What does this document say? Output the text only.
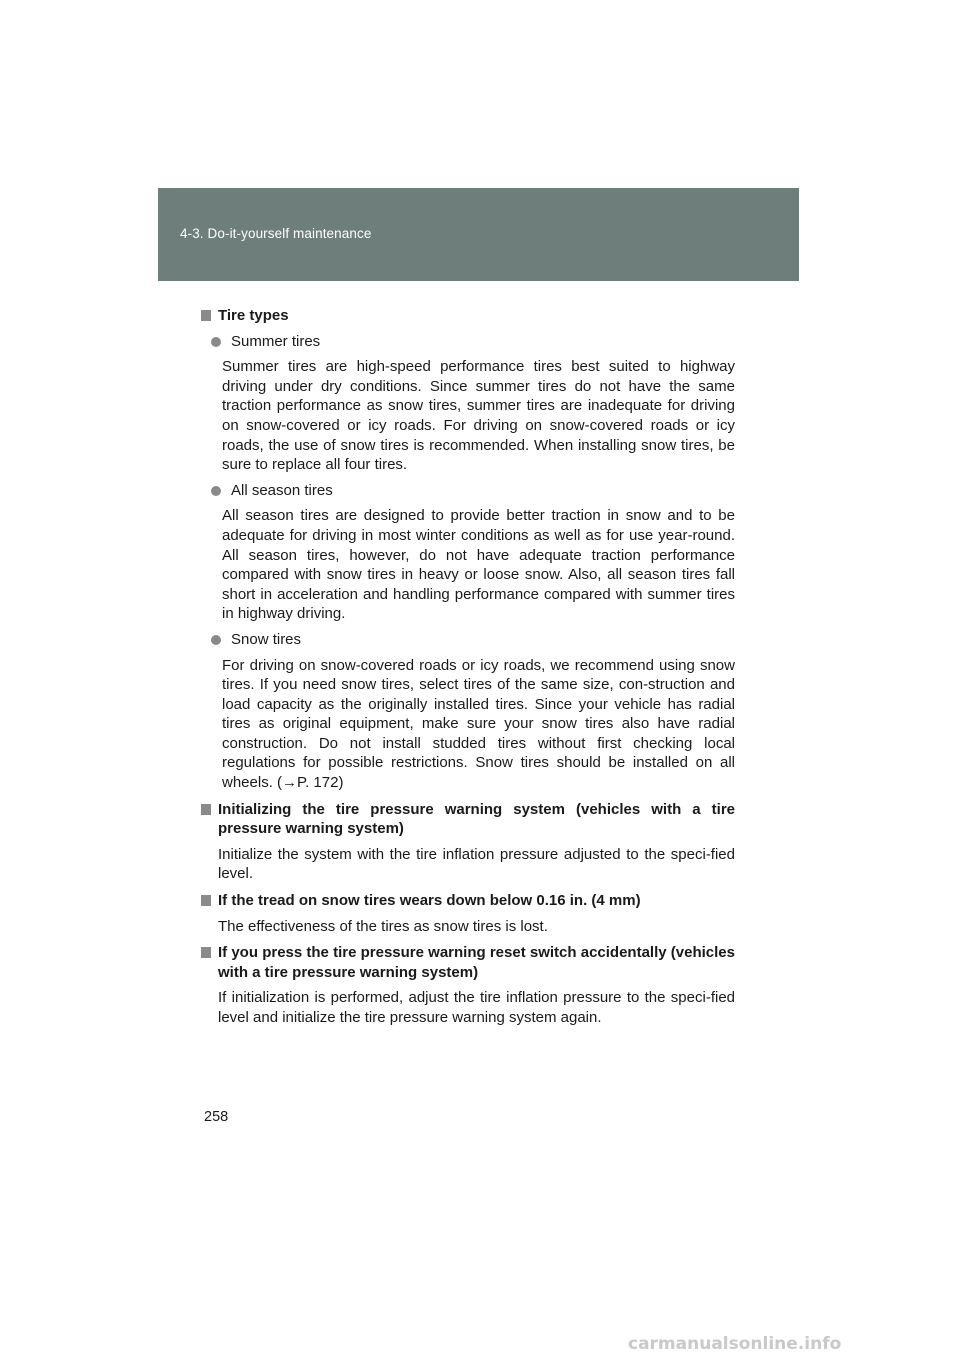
4-3. Do-it-yourself maintenance

Tire types

Summer tires

Summer tires are high-speed performance tires best suited to highway driving under dry conditions. Since summer tires do not have the same traction performance as snow tires, summer tires are inadequate for driving on snow-covered or icy roads. For driving on snow-covered roads or icy roads, the use of snow tires is recommended. When installing snow tires, be sure to replace all four tires.

All season tires

All season tires are designed to provide better traction in snow and to be adequate for driving in most winter conditions as well as for use year-round. All season tires, however, do not have adequate traction performance compared with snow tires in heavy or loose snow. Also, all season tires fall short in acceleration and handling performance compared with summer tires in highway driving.

Snow tires

For driving on snow-covered roads or icy roads, we recommend using snow tires. If you need snow tires, select tires of the same size, con-struction and load capacity as the originally installed tires. Since your vehicle has radial tires as original equipment, make sure your snow tires also have radial construction. Do not install studded tires without first checking local regulations for possible restrictions. Snow tires should be installed on all wheels. (→P. 172)

Initializing the tire pressure warning system (vehicles with a tire pressure warning system)

Initialize the system with the tire inflation pressure adjusted to the speci-fied level.

If the tread on snow tires wears down below 0.16 in. (4 mm)

The effectiveness of the tires as snow tires is lost.

If you press the tire pressure warning reset switch accidentally (vehicles with a tire pressure warning system)

If initialization is performed, adjust the tire inflation pressure to the speci-fied level and initialize the tire pressure warning system again.

258
carmanualsonline.info
